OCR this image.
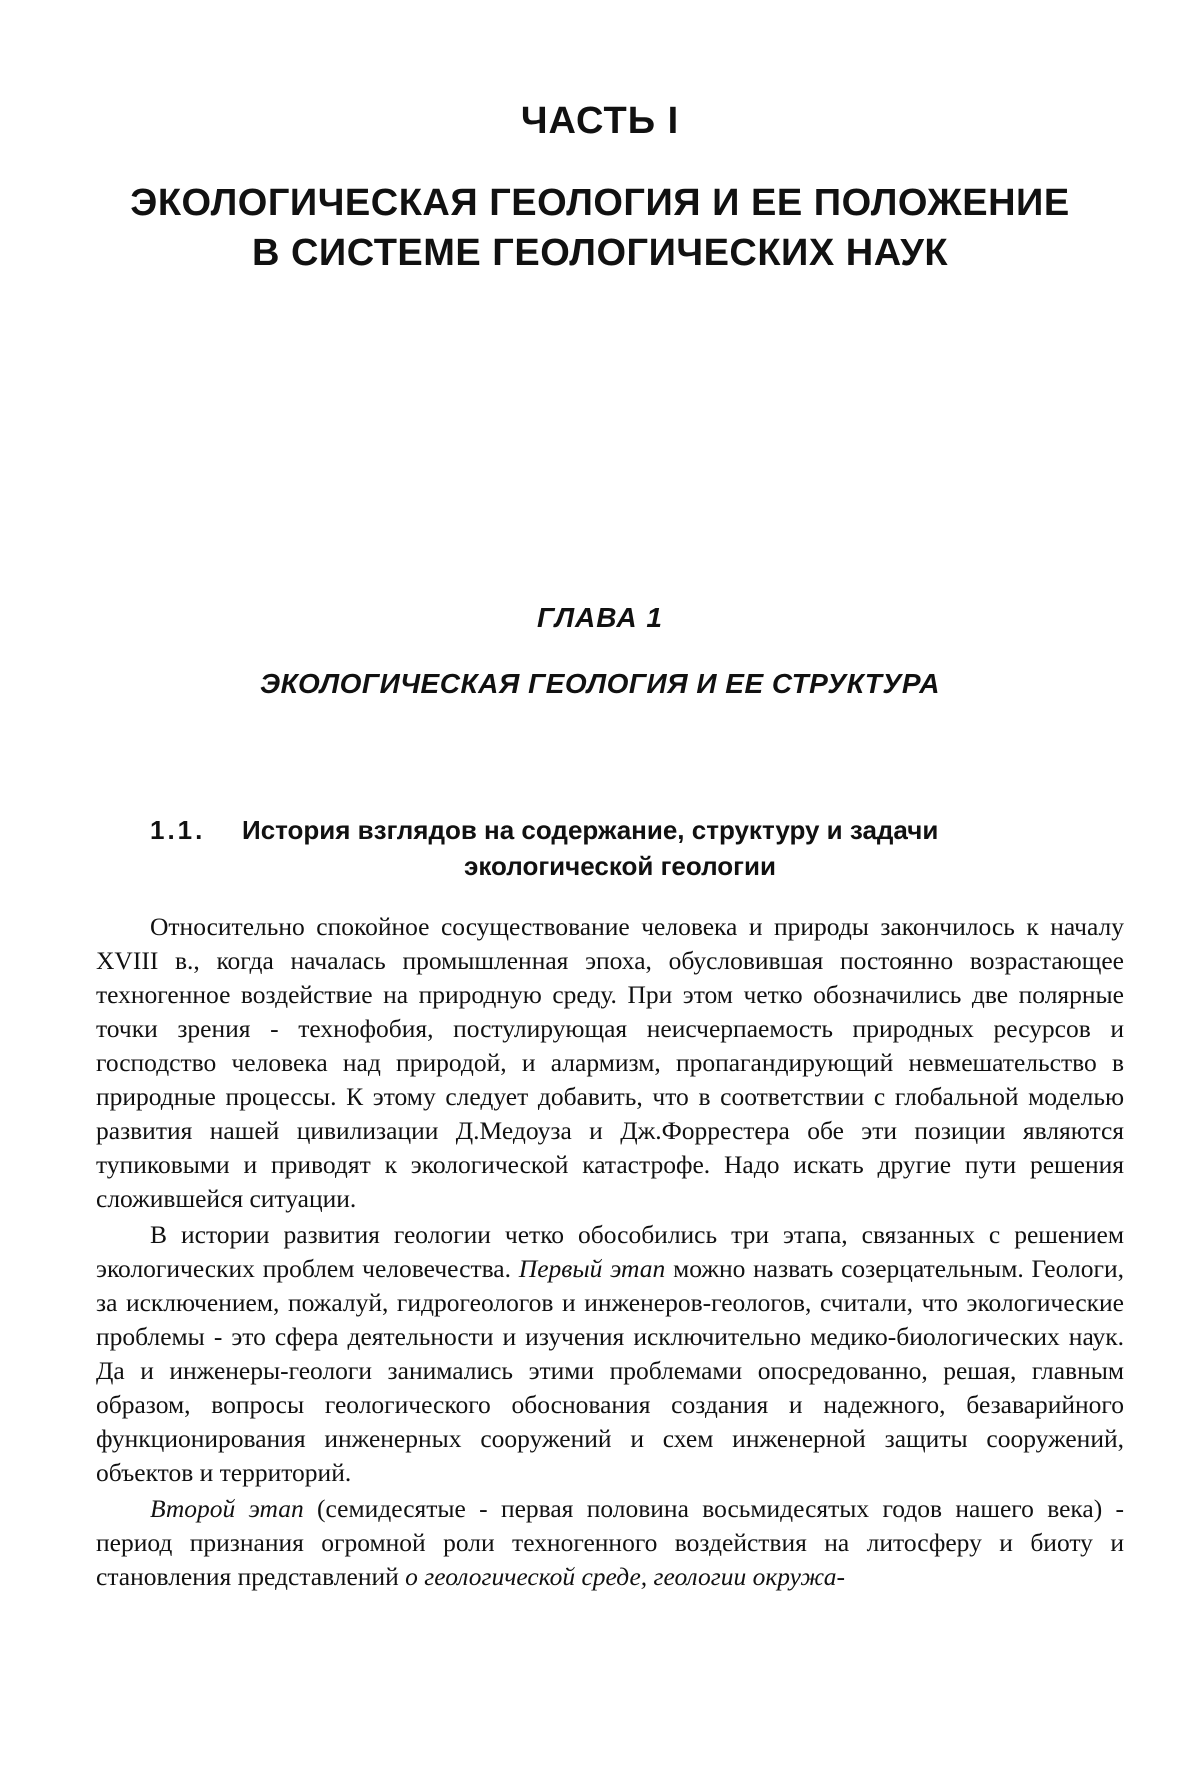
ЧАСТЬ I
ЭКОЛОГИЧЕСКАЯ ГЕОЛОГИЯ И ЕЕ ПОЛОЖЕНИЕ
В СИСТЕМЕ ГЕОЛОГИЧЕСКИХ НАУК
ГЛАВА 1
ЭКОЛОГИЧЕСКАЯ ГЕОЛОГИЯ И ЕЕ СТРУКТУРА
1.1. История взглядов на содержание, структуру и задачи
экологической геологии

Относительно спокойное сосуществование человека и природы закончилось к началу XVIII в., когда началась промышленная эпоха, обусловившая постоянно возрастающее техногенное воздействие на природную среду. При этом четко обозначились две полярные точки зрения - технофобия, постулирующая неисчерпаемость природных ресурсов и господство человека над природой, и алармизм, пропагандирующий невмешательство в природные процессы. К этому следует добавить, что в соответствии с глобальной моделью развития нашей цивилизации Д.Медоуза и Дж.Форрестера обе эти позиции являются тупиковыми и приводят к экологической катастрофе. Надо искать другие пути решения сложившейся ситуации.

В истории развития геологии четко обособились три этапа, связанных с решением экологических проблем человечества. Первый этап можно назвать созерцательным. Геологи, за исключением, пожалуй, гидрогеологов и инженеров-геологов, считали, что экологические проблемы - это сфера деятельности и изучения исключительно медико-биологических наук. Да и инженеры-геологи занимались этими проблемами опосредованно, решая, главным образом, вопросы геологического обоснования создания и надежного, безаварийного функционирования инженерных сооружений и схем инженерной защиты сооружений, объектов и территорий.

Второй этап (семидесятые - первая половина восьмидесятых годов нашего века) - период признания огромной роли техногенного воздействия на литосферу и биоту и становления представлений о геологической среде, геологии окружа-
